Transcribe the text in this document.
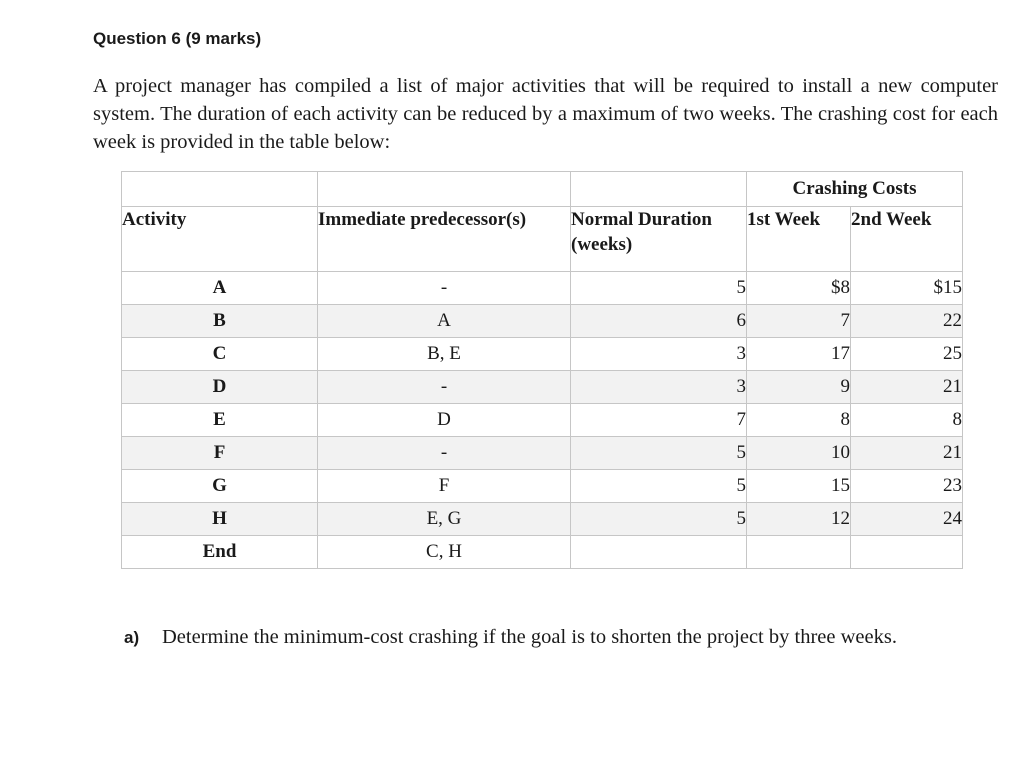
Question 6 (9 marks)

A project manager has compiled a list of major activities that will be required to install a new computer system. The duration of each activity can be reduced by a maximum of two weeks. The crashing cost for each week is provided in the table below:

			Crashing Costs	
Activity	Immediate predecessor(s)	Normal Duration (weeks)	1st Week	2nd Week
A	-	5	$8	$15
B	A	6	7	22
C	B, E	3	17	25
D	-	3	9	21
E	D	7	8	8
F	-	5	10	21
G	F	5	15	23
H	E, G	5	12	24
End	C, H			
a) Determine the minimum-cost crashing if the goal is to shorten the project by three weeks.
